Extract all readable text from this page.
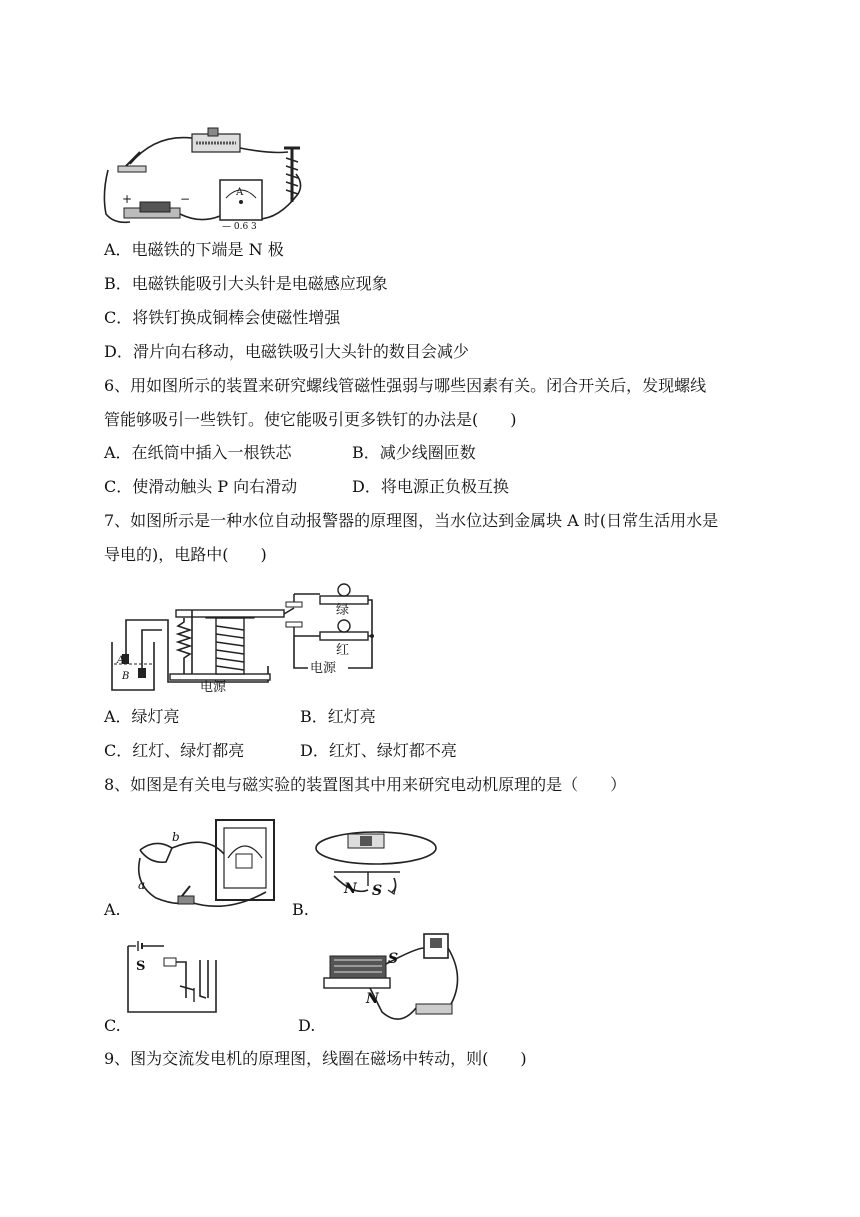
+	−	A
— 0.6 3
A．电磁铁的下端是 N 极
B．电磁铁能吸引大头针是电磁感应现象
C．将铁钉换成铜棒会使磁性增强
D．滑片向右移动，电磁铁吸引大头针的数目会减少
6、用如图所示的装置来研究螺线管磁性强弱与哪些因素有关。闭合开关后，发现螺线
管能够吸引一些铁钉。使它能吸引更多铁钉的办法是(　　)
A．在纸筒中插入一根铁芯	B．减少线圈匝数
C．使滑动触头 P 向右滑动	D．将电源正负极互换
7、如图所示是一种水位自动报警器的原理图，当水位达到金属块 A 时(日常生活用水是
导电的)，电路中(　　)
绿
红
电源
电源
A
B
A．绿灯亮	B．红灯亮
C．红灯、绿灯都亮	D．红灯、绿灯都不亮
8、如图是有关电与磁实验的装置图其中用来研究电动机原理的是（　　）
a
b
A.
N S
B.
S
C.
S
N
D.
9、图为交流发电机的原理图，线圈在磁场中转动，则(　　)
